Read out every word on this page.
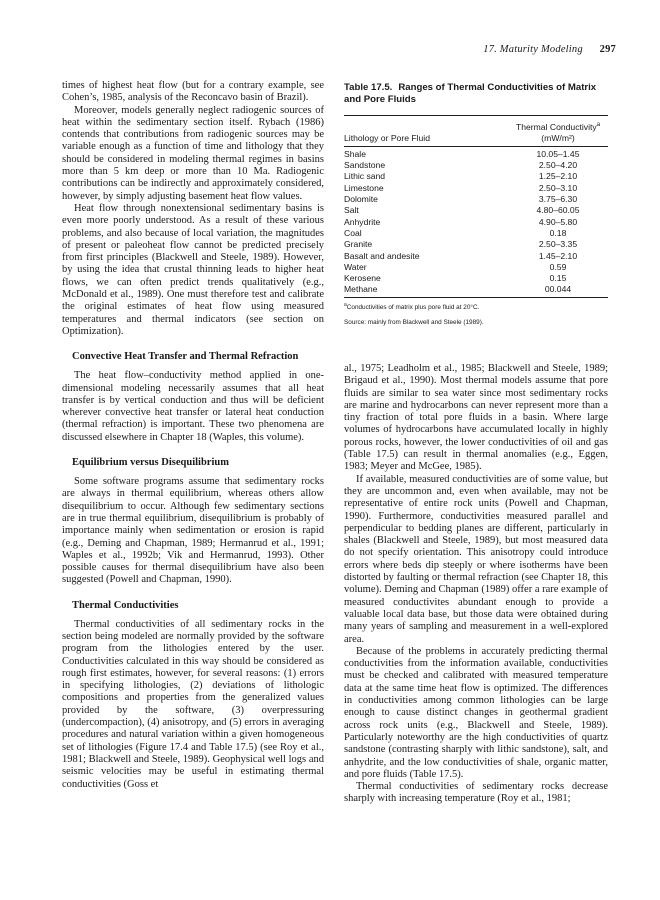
17. Maturity Modeling 297

times of highest heat flow (but for a contrary example, see Cohen’s, 1985, analysis of the Reconcavo basin of Brazil).

Moreover, models generally neglect radiogenic sources of heat within the sedimentary section itself. Rybach (1986) contends that contributions from radiogenic sources may be variable enough as a function of time and lithology that they should be considered in modeling thermal regimes in basins more than 5 km deep or more than 10 Ma. Radiogenic contributions can be indirectly and approximately considered, however, by simply adjusting basement heat flow values.

Heat flow through nonextensional sedimentary basins is even more poorly understood. As a result of these various problems, and also because of local variation, the magnitudes of present or paleoheat flow cannot be predicted precisely from first principles (Blackwell and Steele, 1989). However, by using the idea that crustal thinning leads to higher heat flows, we can often predict trends qualitatively (e.g., McDonald et al., 1989). One must therefore test and calibrate the original estimates of heat flow using measured temperatures and thermal indicators (see section on Optimization).

Convective Heat Transfer and Thermal Refraction

The heat flow–conductivity method applied in one-dimensional modeling necessarily assumes that all heat transfer is by vertical conduction and thus will be deficient wherever convective heat transfer or lateral heat conduction (thermal refraction) is important. These two phenomena are discussed elsewhere in Chapter 18 (Waples, this volume).

Equilibrium versus Disequilibrium

Some software programs assume that sedimentary rocks are always in thermal equilibrium, whereas others allow disequilibrium to occur. Although few sedimentary sections are in true thermal equilibrium, disequilibrium is probably of importance mainly when sedimentation or erosion is rapid (e.g., Deming and Chapman, 1989; Hermanrud et al., 1991; Waples et al., 1992b; Vik and Hermanrud, 1993). Other possible causes for thermal disequilibrium have also been suggested (Powell and Chapman, 1990).

Thermal Conductivities

Thermal conductivities of all sedimentary rocks in the section being modeled are normally provided by the software program from the lithologies entered by the user. Conductivities calculated in this way should be considered as rough first estimates, however, for several reasons: (1) errors in specifying lithologies, (2) deviations of lithologic compositions and properties from the generalized values provided by the software, (3) overpressuring (undercompaction), (4) anisotropy, and (5) errors in averaging procedures and natural variation within a given homogeneous set of lithologies (Figure 17.4 and Table 17.5) (see Roy et al., 1981; Blackwell and Steele, 1989). Geophysical well logs and seismic velocities may be useful in estimating thermal conductivities (Goss et

Table 17.5. Ranges of Thermal Conductivities of Matrix and Pore Fluids
Lithology or Pore Fluid
Thermal Conductivity$^a$
(mW/m²)
Shale	10.05–1.45
Sandstone	2.50–4.20
Lithic sand	1.25–2.10
Limestone	2.50–3.10
Dolomite	3.75–6.30
Salt	4.80–60.05
Anhydrite	4.90–5.80
Coal	0.18
Granite	2.50–3.35
Basalt and andesite	1.45–2.10
Water	0.59
Kerosene	0.15
Methane	00.044
$^a$Conductivities of matrix plus pore fluid at 20°C.
Source: mainly from Blackwell and Steele (1989).

al., 1975; Leadholm et al., 1985; Blackwell and Steele, 1989; Brigaud et al., 1990). Most thermal models assume that pore fluids are similar to sea water since most sedimentary rocks are marine and hydrocarbons can never represent more than a tiny fraction of total pore fluids in a basin. Where large volumes of hydrocarbons have accumulated locally in highly porous rocks, however, the lower conductivities of oil and gas (Table 17.5) can result in thermal anomalies (e.g., Eggen, 1983; Meyer and McGee, 1985).

If available, measured conductivities are of some value, but they are uncommon and, even when available, may not be representative of entire rock units (Powell and Chapman, 1990). Furthermore, conductivities measured parallel and perpendicular to bedding planes are different, particularly in shales (Blackwell and Steele, 1989), but most measured data do not specify orientation. This anisotropy could introduce errors where beds dip steeply or where isotherms have been distorted by faulting or thermal refraction (see Chapter 18, this volume). Deming and Chapman (1989) offer a rare example of measured conductivites abundant enough to provide a valuable local data base, but those data were obtained during many years of sampling and measurement in a well-explored area.

Because of the problems in accurately predicting thermal conductivities from the information available, conductivities must be checked and calibrated with measured temperature data at the same time heat flow is optimized. The differences in conductivities among common lithologies can be large enough to cause distinct changes in geothermal gradient across rock units (e.g., Blackwell and Steele, 1989). Particularly noteworthy are the high conductivities of quartz sandstone (contrasting sharply with lithic sandstone), salt, and anhydrite, and the low conductivities of shale, organic matter, and pore fluids (Table 17.5).

Thermal conductivities of sedimentary rocks decrease sharply with increasing temperature (Roy et al., 1981;
